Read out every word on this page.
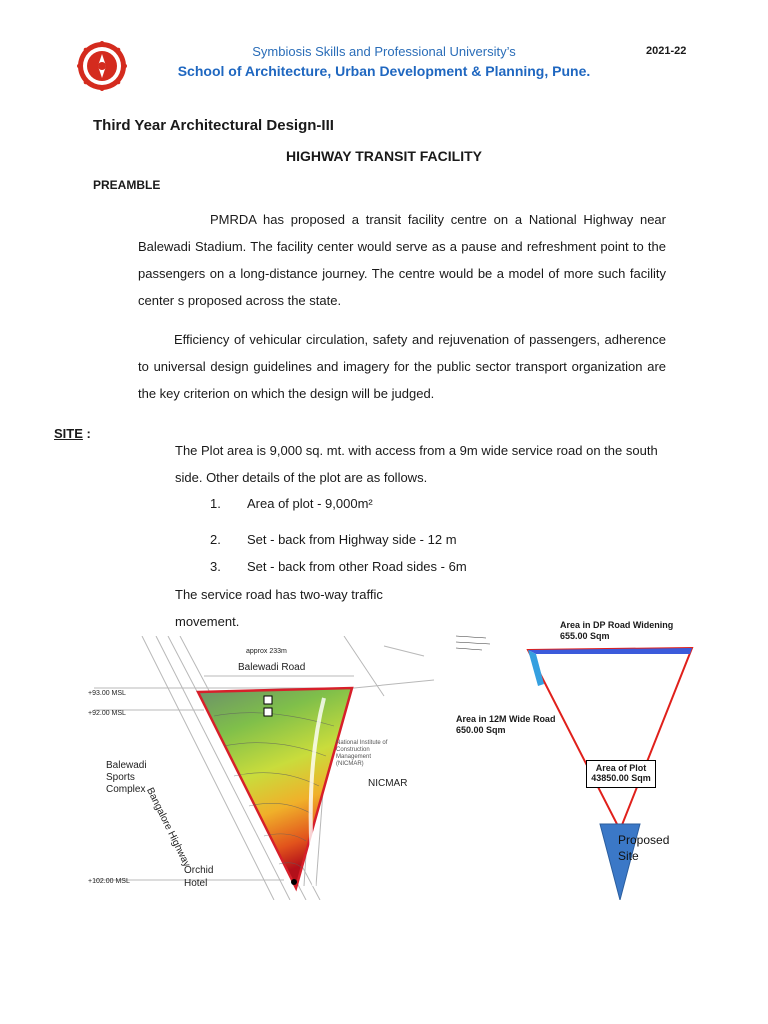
Symbiosis Skills and Professional University’s
School of Architecture, Urban Development & Planning, Pune.
2021-22
Third Year Architectural Design-III
HIGHWAY TRANSIT FACILITY
PREAMBLE
PMRDA has proposed a transit facility centre on a National Highway near Balewadi Stadium. The facility center would serve as a pause and refreshment point to the passengers on a long-distance journey. The centre would be a model of more such facility center s proposed across the state.
Efficiency of vehicular circulation, safety and rejuvenation of passengers, adherence to universal design guidelines and imagery for the public sector transport organization are the key criterion on which the design will be judged.
SITE :
The Plot area is 9,000 sq. mt. with access from a 9m wide service road on the south side. Other details of the plot are as follows.
1. Area of plot - 9,000m²
2. Set - back from Highway side - 12 m
3. Set - back from other Road sides - 6m
The service road has two-way traffic movement.
Balewadi Road
approx 233m
+93.00 MSL
+92.00 MSL
+102.00 MSL
Balewadi Sports Complex
Bangalore Highway
National Institute of Construction Management (NICMAR)
NICMAR
Orchid Hotel
Area in DP Road Widening
655.00 Sqm
Area in 12M Wide Road
650.00 Sqm
Area of Plot
43850.00 Sqm
Proposed Site
